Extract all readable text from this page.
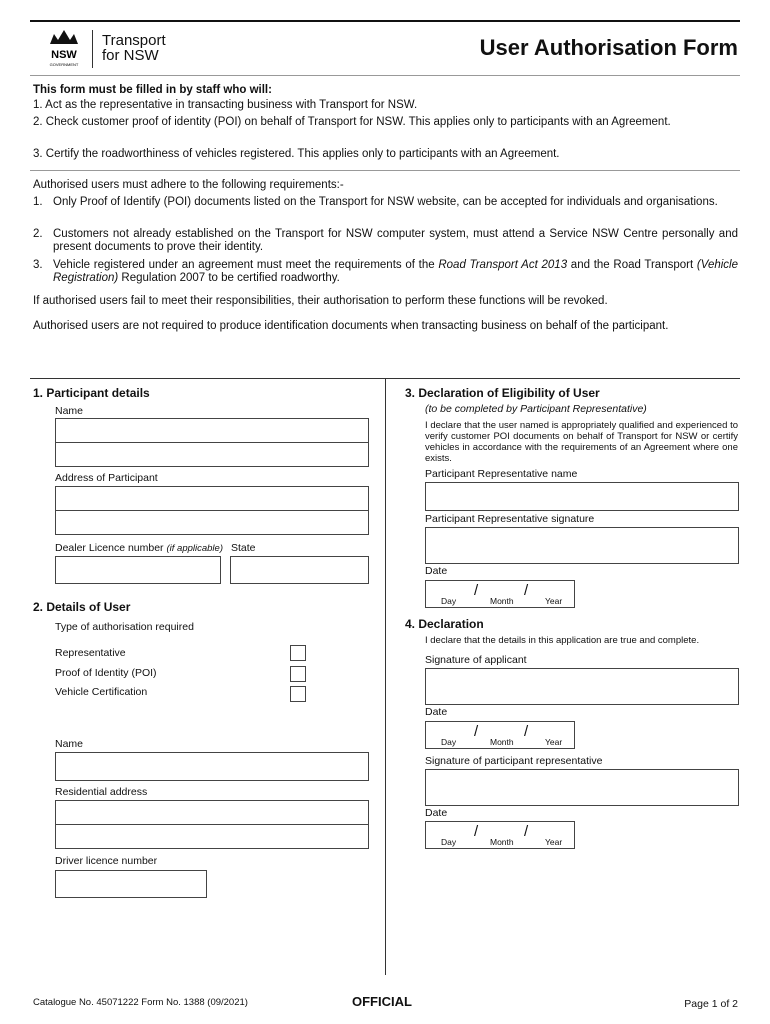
NSW
GOVERNMENT
Transport
for NSW	User Authorisation Form
This form must be filled in by staff who will:
1. Act as the representative in transacting business with Transport for NSW.
2. Check customer proof of identity (POI) on behalf of Transport for NSW. This applies only to participants with an Agreement.
3. Certify the roadworthiness of vehicles registered. This applies only to participants with an Agreement.
Authorised users must adhere to the following requirements:-
1. Only Proof of Identify (POI) documents listed on the Transport for NSW website, can be accepted for individuals and organisations.
2. Customers not already established on the Transport for NSW computer system, must attend a Service NSW Centre personally and present documents to prove their identity.
3. Vehicle registered under an agreement must meet the requirements of the Road Transport Act 2013 and the Road Transport (Vehicle Registration) Regulation 2007 to be certified roadworthy.
If authorised users fail to meet their responsibilities, their authorisation to perform these functions will be revoked.
Authorised users are not required to produce identification documents when transacting business on behalf of the participant.
1. Participant details
Name
Address of Participant
Dealer Licence number (if applicable) State
2. Details of User
Type of authorisation required
Representative
Proof of Identity (POI)
Vehicle Certification
Name
Residential address
Driver licence number
3. Declaration of Eligibility of User
(to be completed by Participant Representative)
I declare that the user named is appropriately qualified and experienced to verify customer POI documents on behalf of Transport for NSW or certify vehicles in accordance with the requirements of an Agreement where one exists.
Participant Representative name
Participant Representative signature
Date
Day
/
Month
/
Year
4. Declaration
I declare that the details in this application are true and complete.
Signature of applicant
Date
Day
/
Month
/
Year
Signature of participant representative
Date
Day
/
Month
/
Year
Catalogue No. 45071222 Form No. 1388 (09/2021)	OFFICIAL	Page 1 of 2
